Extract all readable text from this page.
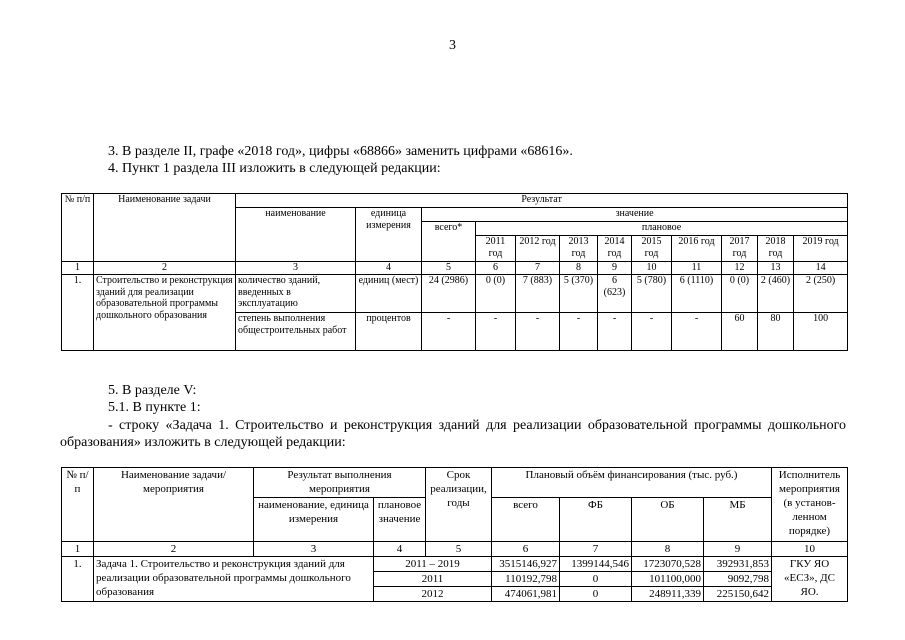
3
3. В разделе II, графе «2018 год», цифры «68866» заменить цифрами «68616».
4. Пункт 1 раздела III изложить в следующей редакции:
№ п/п	Наименование задачи	Результат											
		наименование	единица измерения	значение									
				всего*	плановое								
					2011 год	2012 год	2013 год	2014 год	2015 год	2016 год	2017 год	2018 год	2019 год
1	2	3	4	5	6	7	8	9	10	11	12	13	14
1.	Строительство и реконструкция зданий для реализации образовательной программы дошкольного образования	количество зданий, введенных в эксплуатацию	единиц (мест)	24 (2986)	0 (0)	7 (883)	5 (370)	6 (623)	5 (780)	6 (1110)	0 (0)	2 (460)	2 (250)
		степень выполнения общестроительных работ	процентов	-	-	-	-	-	-	-	60	80	100
5. В разделе V:
5.1. В пункте 1:
- строку «Задача 1. Строительство и реконструкция зданий для реализации образовательной программы дошкольного образования» изложить в следующей редакции:
№ п/п	Наименование задачи/мероприятия	Результат выполнения мероприятия		Срок реализации, годы	Плановый объём финансирования (тыс. руб.)				Исполнитель мероприятия (в установ-ленном порядке)
		наименование, единица измерения	плановое значение		всего	ФБ	ОБ	МБ	
1	2	3	4	5	6	7	8	9	10
1.	Задача 1. Строительство и реконструкция зданий для реализации образовательной программы дошкольного образования		2011 – 2019		3515146,927	1399144,546	1723070,528	392931,853	ГКУ ЯО «ЕСЗ», ДС ЯО.
			2011		110192,798	0	101100,000	9092,798	
			2012		474061,981	0	248911,339	225150,642	
